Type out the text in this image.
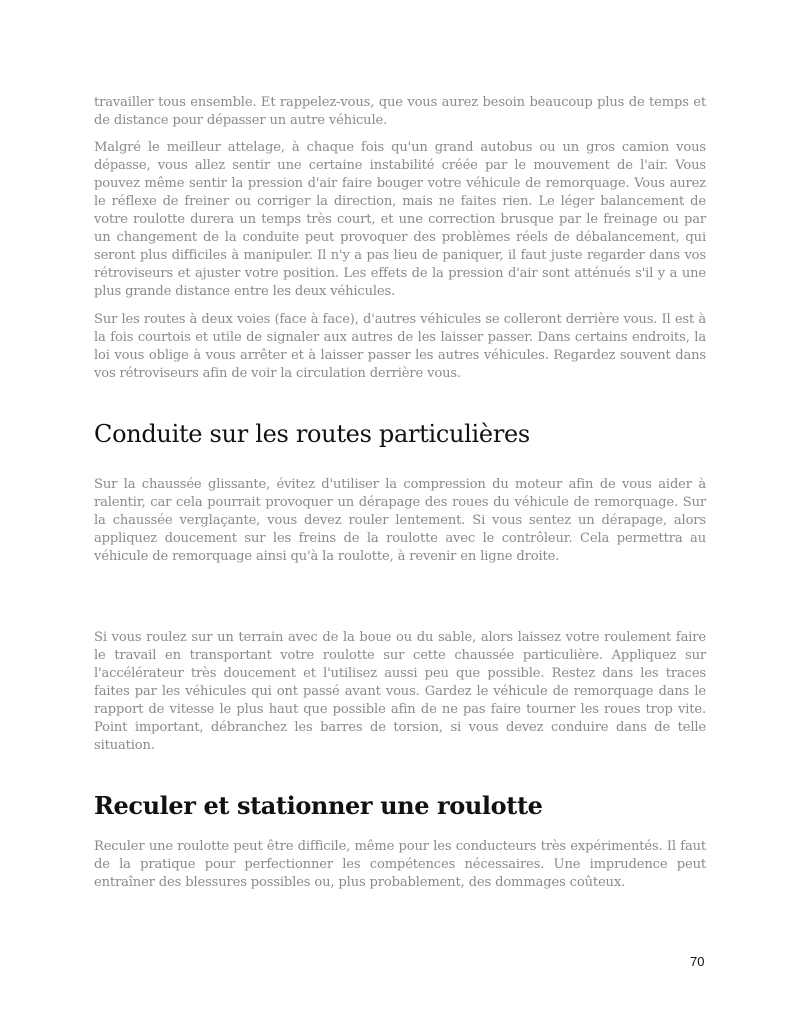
travailler tous ensemble. Et rappelez-vous, que vous aurez besoin beaucoup plus de temps et de distance pour dépasser un autre véhicule.

Malgré le meilleur attelage, à chaque fois qu'un grand autobus ou un gros camion vous dépasse, vous allez sentir une certaine instabilité créée par le mouvement de l'air. Vous pouvez même sentir la pression d'air faire bouger votre véhicule de remorquage. Vous aurez le réflexe de freiner ou corriger la direction, mais ne faites rien. Le léger balancement de votre roulotte durera un temps très court, et une correction brusque par le freinage ou par un changement de la conduite peut provoquer des problèmes réels de débalancement, qui seront plus difficiles à manipuler. Il n'y a pas lieu de paniquer, il faut juste regarder dans vos rétroviseurs et ajuster votre position. Les effets de la pression d'air sont atténués s'il y a une plus grande distance entre les deux véhicules.

Sur les routes à deux voies (face à face), d'autres véhicules se colleront derrière vous. Il est à la fois courtois et utile de signaler aux autres de les laisser passer. Dans certains endroits, la loi vous oblige à vous arrêter et à laisser passer les autres véhicules. Regardez souvent dans vos rétroviseurs afin de voir la circulation derrière vous.

Conduite sur les routes particulières

Sur la chaussée glissante, évitez d'utiliser la compression du moteur afin de vous aider à ralentir, car cela pourrait provoquer un dérapage des roues du véhicule de remorquage. Sur la chaussée verglaçante, vous devez rouler lentement. Si vous sentez un dérapage, alors appliquez doucement sur les freins de la roulotte avec le contrôleur. Cela permettra au véhicule de remorquage ainsi qu'à la roulotte, à revenir en ligne droite.

Si vous roulez sur un terrain avec de la boue ou du sable, alors laissez votre roulement faire le travail en transportant votre roulotte sur cette chaussée particulière. Appliquez sur l'accélérateur très doucement et l'utilisez aussi peu que possible. Restez dans les traces faites par les véhicules qui ont passé avant vous. Gardez le véhicule de remorquage dans le rapport de vitesse le plus haut que possible afin de ne pas faire tourner les roues trop vite. Point important, débranchez les barres de torsion, si vous devez conduire dans de telle situation.

Reculer et stationner une roulotte

Reculer une roulotte peut être difficile, même pour les conducteurs très expérimentés. Il faut de la pratique pour perfectionner les compétences nécessaires. Une imprudence peut entraîner des blessures possibles ou, plus probablement, des dommages coûteux.

70
